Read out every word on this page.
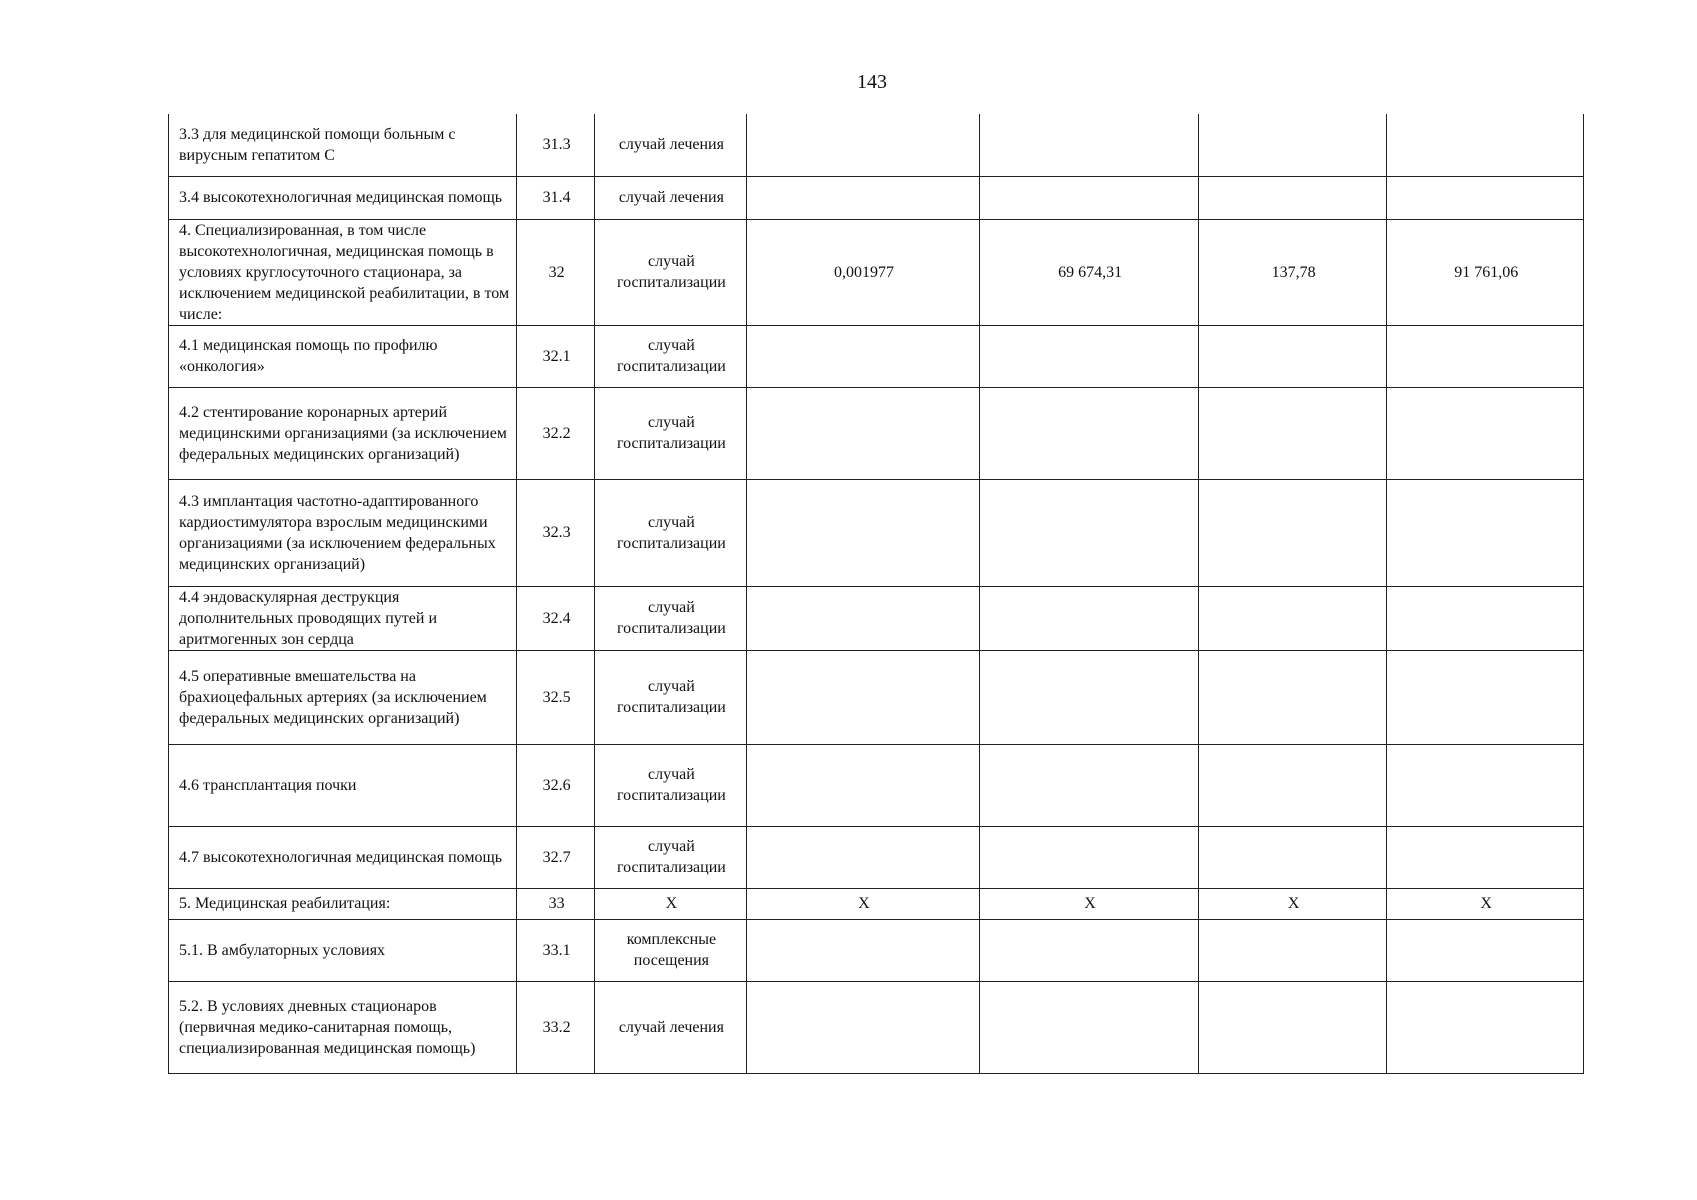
143
3.3 для медицинской помощи больным с вирусным гепатитом С	31.3	случай лечения				
3.4 высокотехнологичная медицинская помощь	31.4	случай лечения				
4. Специализированная, в том числе высокотехнологичная, медицинская помощь в условиях круглосуточного стационара, за исключением медицинской реабилитации, в том числе:	32	случай госпитализации	0,001977	69 674,31	137,78	91 761,06
4.1 медицинская помощь по профилю «онкология»	32.1	случай госпитализации				
4.2 стентирование коронарных артерий медицинскими организациями (за исключением федеральных медицинских организаций)	32.2	случай госпитализации				
4.3 имплантация частотно-адаптированного кардиостимулятора взрослым медицинскими организациями (за исключением федеральных медицинских организаций)	32.3	случай госпитализации				
4.4 эндоваскулярная деструкция дополнительных проводящих путей и аритмогенных зон сердца	32.4	случай госпитализации				
4.5 оперативные вмешательства на брахиоцефальных артериях (за исключением федеральных медицинских организаций)	32.5	случай госпитализации				
4.6 трансплантация почки	32.6	случай госпитализации				
4.7 высокотехнологичная медицинская помощь	32.7	случай госпитализации				
5. Медицинская реабилитация:	33	Х	Х	Х	Х	Х
5.1. В амбулаторных условиях	33.1	комплексные посещения				
5.2. В условиях дневных стационаров (первичная медико-санитарная помощь, специализированная медицинская помощь)	33.2	случай лечения				
